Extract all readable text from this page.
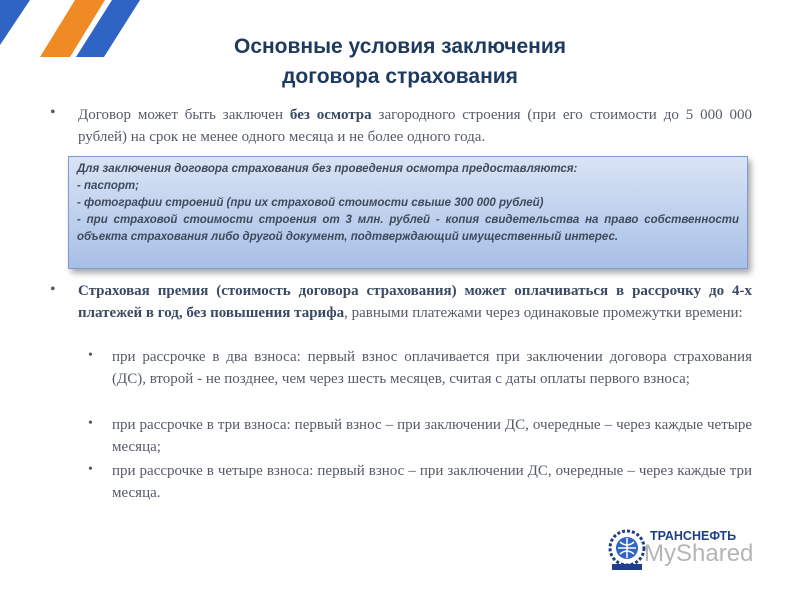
Основные условия заключения
договора страхования
• Договор может быть заключен без осмотра загородного строения (при его стоимости до 5 000 000 рублей) на срок не менее одного месяца и не более одного года.
Для заключения договора страхования без проведения осмотра предоставляются:
- паспорт;
- фотографии строений (при их страховой стоимости свыше 300 000 рублей)
- при страховой стоимости строения от 3 млн. рублей - копия свидетельства на право собственности объекта страхования либо другой документ, подтверждающий имущественный интерес.
• Страховая премия (стоимость договора страхования) может оплачиваться в рассрочку до 4-х платежей в год, без повышения тарифа, равными платежами через одинаковые промежутки времени:
• при рассрочке в два взноса: первый взнос оплачивается при заключении договора страхования (ДС), второй - не позднее, чем через шесть месяцев, считая с даты оплаты первого взноса;
• при рассрочке в три взноса: первый взнос – при заключении ДС, очередные – через каждые четыре месяца;
• при рассрочке в четыре взноса: первый взнос – при заключении ДС, очередные – через каждые три месяца.
ТРАНСНЕФТЬ
MyShared
